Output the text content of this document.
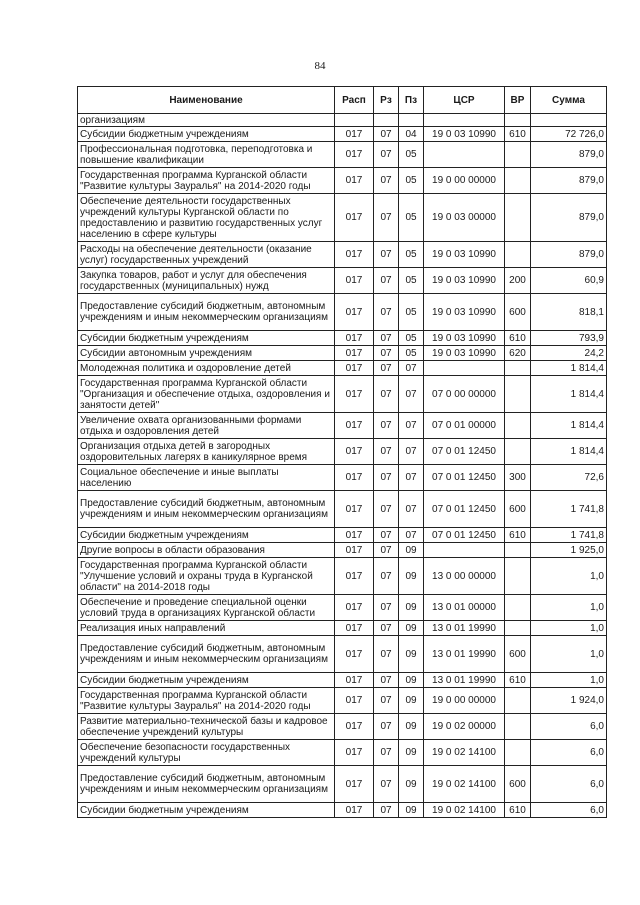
84
Наименование	Расп	Рз	Пз	ЦСР	ВР	Сумма
организациям						
Субсидии бюджетным учреждениям	017	07	04	19 0 03 10990	610	72 726,0
Профессиональная подготовка, переподготовка и повышение квалификации	017	07	05			879,0
Государственная программа Курганской области "Развитие культуры Зауралья" на 2014-2020 годы	017	07	05	19 0 00 00000		879,0
Обеспечение деятельности государственных учреждений культуры Курганской области по предоставлению и развитию государственных услуг населению в сфере культуры	017	07	05	19 0 03 00000		879,0
Расходы на обеспечение деятельности (оказание услуг) государственных учреждений	017	07	05	19 0 03 10990		879,0
Закупка товаров, работ и услуг для обеспечения государственных (муниципальных) нужд	017	07	05	19 0 03 10990	200	60,9
Предоставление субсидий бюджетным, автономным учреждениям и иным некоммерческим организациям	017	07	05	19 0 03 10990	600	818,1
Субсидии бюджетным учреждениям	017	07	05	19 0 03 10990	610	793,9
Субсидии автономным учреждениям	017	07	05	19 0 03 10990	620	24,2
Молодежная политика и оздоровление детей	017	07	07			1 814,4
Государственная программа Курганской области "Организация и обеспечение отдыха, оздоровления и занятости детей"	017	07	07	07 0 00 00000		1 814,4
Увеличение охвата организованными формами отдыха и оздоровления детей	017	07	07	07 0 01 00000		1 814,4
Организация отдыха детей в загородных оздоровительных лагерях в каникулярное время	017	07	07	07 0 01 12450		1 814,4
Социальное обеспечение и иные выплаты населению	017	07	07	07 0 01 12450	300	72,6
Предоставление субсидий бюджетным, автономным учреждениям и иным некоммерческим организациям	017	07	07	07 0 01 12450	600	1 741,8
Субсидии бюджетным учреждениям	017	07	07	07 0 01 12450	610	1 741,8
Другие вопросы в области образования	017	07	09			1 925,0
Государственная программа Курганской области "Улучшение условий и охраны труда в Курганской области" на 2014-2018 годы	017	07	09	13 0 00 00000		1,0
Обеспечение и проведение специальной оценки условий труда в организациях Курганской области	017	07	09	13 0 01 00000		1,0
Реализация иных направлений	017	07	09	13 0 01 19990		1,0
Предоставление субсидий бюджетным, автономным учреждениям и иным некоммерческим организациям	017	07	09	13 0 01 19990	600	1,0
Субсидии бюджетным учреждениям	017	07	09	13 0 01 19990	610	1,0
Государственная программа Курганской области "Развитие культуры Зауралья" на 2014-2020 годы	017	07	09	19 0 00 00000		1 924,0
Развитие материально-технической базы и кадровое обеспечение учреждений культуры	017	07	09	19 0 02 00000		6,0
Обеспечение безопасности государственных учреждений культуры	017	07	09	19 0 02 14100		6,0
Предоставление субсидий бюджетным, автономным учреждениям и иным некоммерческим организациям	017	07	09	19 0 02 14100	600	6,0
Субсидии бюджетным учреждениям	017	07	09	19 0 02 14100	610	6,0
